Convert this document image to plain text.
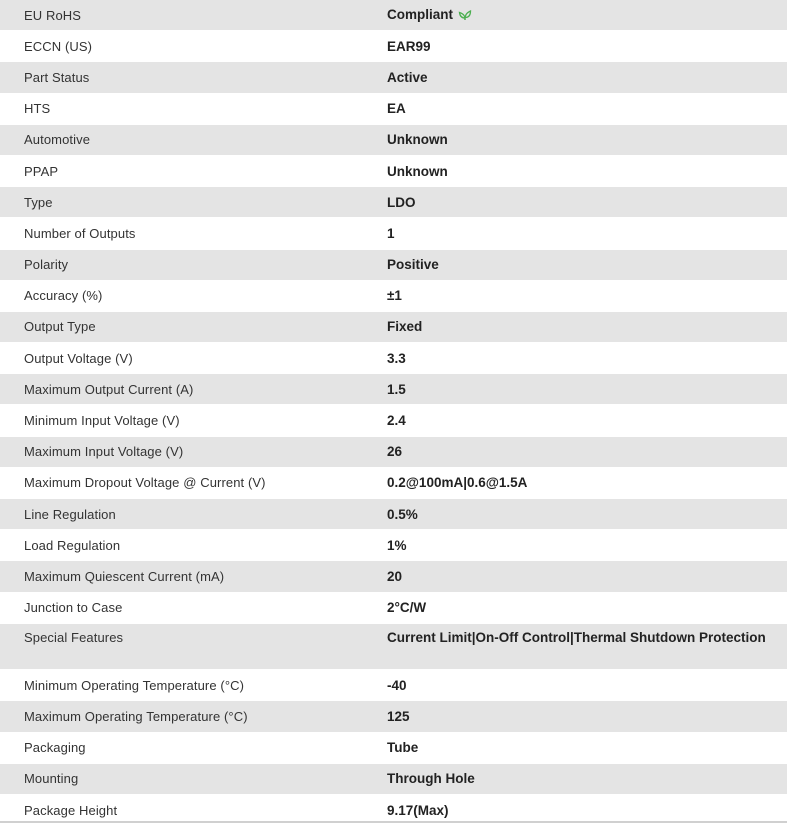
EU RoHS	Compliant
ECCN (US)	EAR99
Part Status	Active
HTS	EA
Automotive	Unknown
PPAP	Unknown
Type	LDO
Number of Outputs	1
Polarity	Positive
Accuracy (%)	±1
Output Type	Fixed
Output Voltage (V)	3.3
Maximum Output Current (A)	1.5
Minimum Input Voltage (V)	2.4
Maximum Input Voltage (V)	26
Maximum Dropout Voltage @ Current (V)	0.2@100mA|0.6@1.5A
Line Regulation	0.5%
Load Regulation	1%
Maximum Quiescent Current (mA)	20
Junction to Case	2°C/W
Special Features	Current Limit|On-Off Control|Thermal Shutdown Protection
Minimum Operating Temperature (°C)	-40
Maximum Operating Temperature (°C)	125
Packaging	Tube
Mounting	Through Hole
Package Height	9.17(Max)
